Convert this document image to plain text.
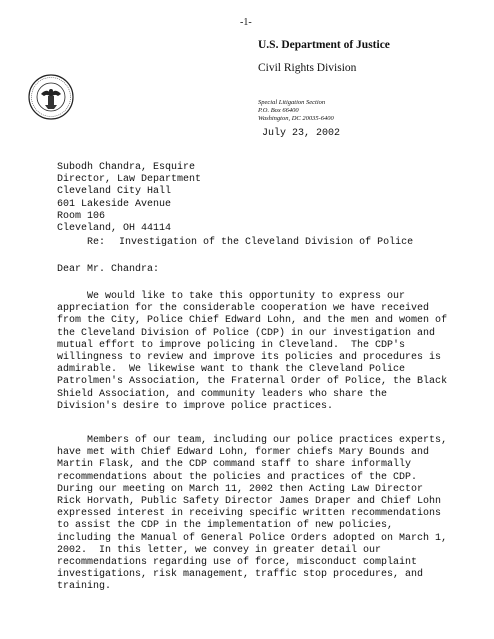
-1-
U.S. Department of Justice
Civil Rights Division
Special Litigation Section
P.O. Box 66400
Washington, DC 20035-6400
July 23, 2002
Subodh Chandra, Esquire
Director, Law Department
Cleveland City Hall
601 Lakeside Avenue
Room 106
Cleveland, OH 44114
Re: Investigation of the Cleveland Division of Police
Dear Mr. Chandra:
We would like to take this opportunity to express our
appreciation for the considerable cooperation we have received
from the City, Police Chief Edward Lohn, and the men and women of
the Cleveland Division of Police (CDP) in our investigation and
mutual effort to improve policing in Cleveland.  The CDP's
willingness to review and improve its policies and procedures is
admirable.  We likewise want to thank the Cleveland Police
Patrolmen's Association, the Fraternal Order of Police, the Black
Shield Association, and community leaders who share the
Division's desire to improve police practices.
Members of our team, including our police practices experts,
have met with Chief Edward Lohn, former chiefs Mary Bounds and
Martin Flask, and the CDP command staff to share informally
recommendations about the policies and practices of the CDP.
During our meeting on March 11, 2002 then Acting Law Director
Rick Horvath, Public Safety Director James Draper and Chief Lohn
expressed interest in receiving specific written recommendations
to assist the CDP in the implementation of new policies,
including the Manual of General Police Orders adopted on March 1,
2002.  In this letter, we convey in greater detail our
recommendations regarding use of force, misconduct complaint
investigations, risk management, traffic stop procedures, and
training.
